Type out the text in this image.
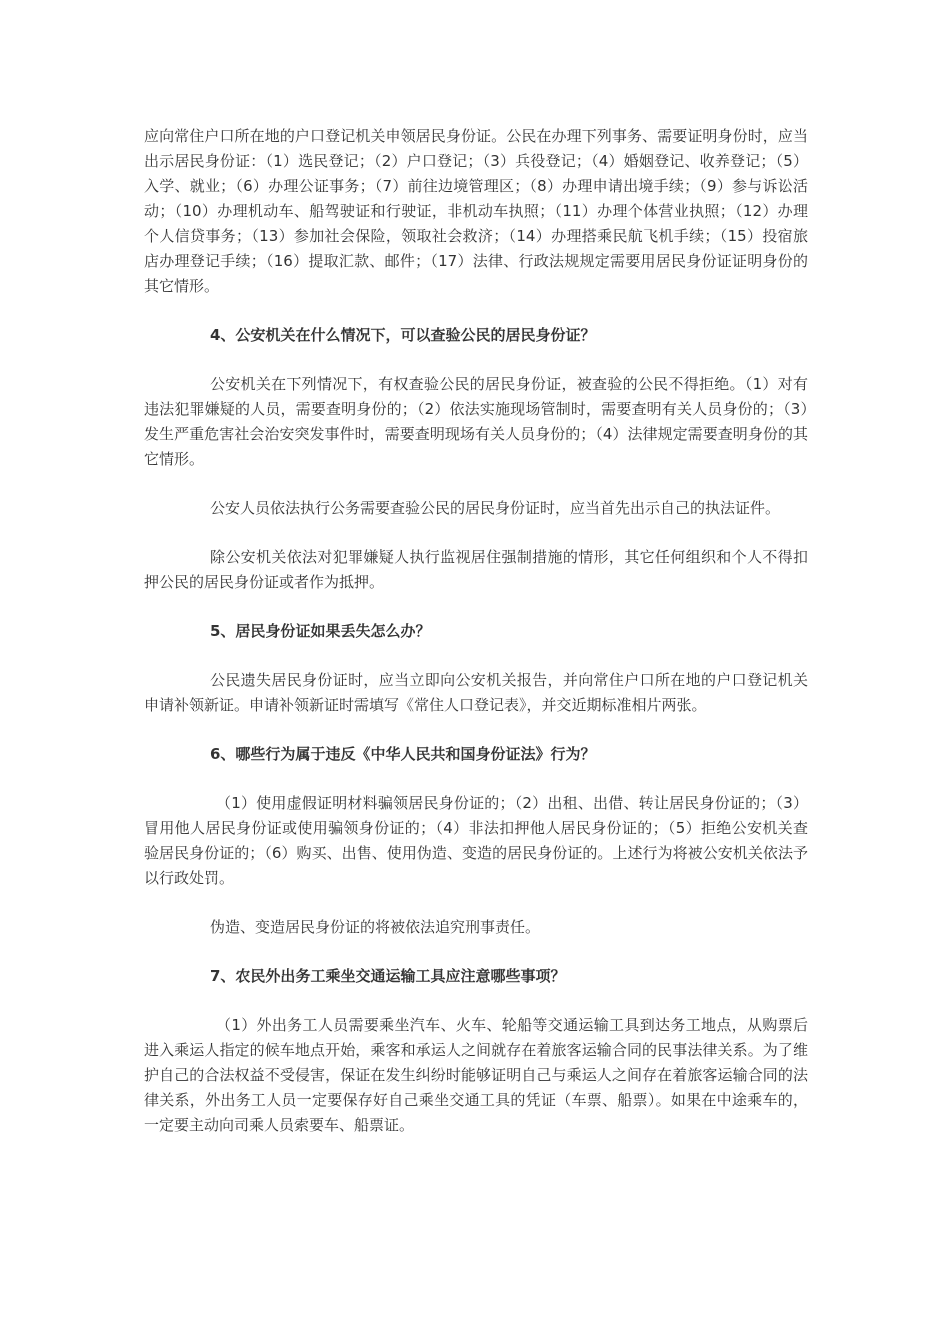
应向常住户口所在地的户口登记机关申领居民身份证。公民在办理下列事务、需要证明身份时，应当出示居民身份证：（1）选民登记；（2）户口登记；（3）兵役登记；（4）婚姻登记、收养登记；（5）入学、就业；（6）办理公证事务；（7）前往边境管理区；（8）办理申请出境手续；（9）参与诉讼活动；（10）办理机动车、船驾驶证和行驶证，非机动车执照；（11）办理个体营业执照；（12）办理个人信贷事务；（13）参加社会保险，领取社会救济；（14）办理搭乘民航飞机手续；（15）投宿旅店办理登记手续；（16）提取汇款、邮件；（17）法律、行政法规规定需要用居民身份证证明身份的其它情形。

4、公安机关在什么情况下，可以查验公民的居民身份证？

公安机关在下列情况下，有权查验公民的居民身份证，被查验的公民不得拒绝。（1）对有违法犯罪嫌疑的人员，需要查明身份的；（2）依法实施现场管制时，需要查明有关人员身份的；（3）发生严重危害社会治安突发事件时，需要查明现场有关人员身份的；（4）法律规定需要查明身份的其它情形。

公安人员依法执行公务需要查验公民的居民身份证时，应当首先出示自己的执法证件。

除公安机关依法对犯罪嫌疑人执行监视居住强制措施的情形，其它任何组织和个人不得扣押公民的居民身份证或者作为抵押。

5、居民身份证如果丢失怎么办？

公民遗失居民身份证时，应当立即向公安机关报告，并向常住户口所在地的户口登记机关申请补领新证。申请补领新证时需填写《常住人口登记表》，并交近期标准相片两张。

6、哪些行为属于违反《中华人民共和国身份证法》行为？

（1）使用虚假证明材料骗领居民身份证的；（2）出租、出借、转让居民身份证的；（3）冒用他人居民身份证或使用骗领身份证的；（4）非法扣押他人居民身份证的；（5）拒绝公安机关查验居民身份证的；（6）购买、出售、使用伪造、变造的居民身份证的。上述行为将被公安机关依法予以行政处罚。

伪造、变造居民身份证的将被依法追究刑事责任。

7、农民外出务工乘坐交通运输工具应注意哪些事项？

（1）外出务工人员需要乘坐汽车、火车、轮船等交通运输工具到达务工地点，从购票后进入乘运人指定的候车地点开始，乘客和承运人之间就存在着旅客运输合同的民事法律关系。为了维护自己的合法权益不受侵害，保证在发生纠纷时能够证明自己与乘运人之间存在着旅客运输合同的法律关系，外出务工人员一定要保存好自己乘坐交通工具的凭证（车票、船票）。如果在中途乘车的，一定要主动向司乘人员索要车、船票证。
